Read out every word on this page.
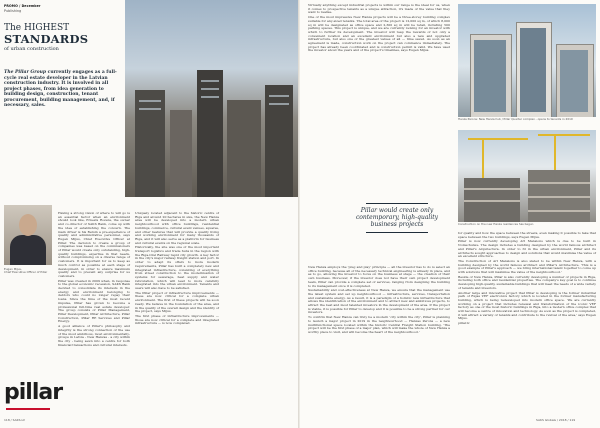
PROMO / December
Publishing
The HIGHEST
STANDARDS
of urban construction
The Pillar Group currently engages as a full-cycle real estate developer in the Latvian construction industry. It is involved in all project phases, from idea generation to building design, construction, tenant procurement, building management, and, if necessary, sales.
Eugen Mijus,
Chief Executive Officer of Pillar

Having a strong vision of where to will go is an essential factor when an environment should look like, Ernests Rozens, the owner and co-director of SAKS Bank, come up with the idea of establishing the concern. The main driver is his Bersin a pre-experience of quality and administrative personnel, says Eugen Mijus, Chief Executive Officer at Pillar. The decision to create a group of companies was based on the commissioners of Pillar would create only outstanding, high-quality buildings, expertise in that needs, without compromising on a diverse range of customers. It is important for us to keep as much control as possible at each stage of development, in order to ensure maximum quality and to prevent any surprise for us customers.

Pillar was created in 2009 when, in response to the global economic recession, SAKS Bank decided to consolidate its interests in the energy and environment belonging to debtors who could no longer repay their loans. Since the time of the most recent impulse, Pillar has grown to become a professional full-time real estate developer. The group consists of Pillar Management, Pillar Development, Pillar Architecture, Pillar Construction, Pillar RE Services and Pillar Energy.

A good alliance of Pillar's philosophy and integrity is the strong connection of the use of the most ambitious, most environmentally-groups in Latvia - New Hanzas - a city within the city - being sewn into a centre for both financial transactions and cultural interests.

Uniquely located adjacent to the historic centre of Riga and around 20 hectares in size, the New Hanza area will be developed into a modern urban neighbourhood with office buildings, residential buildings, commerce, cultural event venues, squares, and other features that will provide a quality living and working environment for many thousands of Riga, and it will also serve as a platform for business and cultural events on the regional scale.

Historically, the site was one of the most important transport logistics and trade hubs in the region with the Riga-Orel Railway rapid city growth. A key factor in the city's major railway freight station and port. In order to adapt its offers to more modern requirements, Pillar has built a completely new and integrated infrastructure, consisting of everything from street construction to the modernisation of systems for sewerage, heat supply and water reticulation, which will lead to more carefully integrated into the urban environment. Tenants and users will also have to be satisfied.

The Pillar project of infrastructure improvements — these are now critical for a complete urban environment. The first of these projects will be soon ready. We believe in the foundation of the area, and in the quality of the overall design and the identity of the project, says Mijus.

The first phase of infrastructure improvements — those are now critical for a complete and integrated infrastructure — is now completed.

pillar
118 / SAKS.LV

Virtually anything except industrial projects is within our range is the ideal for us, when it comes to prospective tenants as a unique attraction, it's made of the value that they want to realise.

One of the most impressive New Hanza projects will be a three-storey building complex suitable for any-sized tenants. The total area of the project is 12,000 sq m, of which 8,000 sq m will be designated as office space and 2,300 sq m will be retail, including 500 parking spaces. This project is unique, and we are currently looking for an investor with which to further its development. The investor will reap the rewards of not only a convenient location and an excellent environment but also a new and upgraded infrastructure, but also one of the greatest values of all — time saved. As soon as an agreement is made, construction work on the project can commence immediately. The project has already been coordinated and is construction permit is valid. We have used the investor about the years and of the project's timelines, says Eugen Mijus.

Pillar would create only contemporary, high-quality business projects

New Hanza employs the 'plug and play' principle — all the investor has to do is select an office building, because all of the necessary technical engineering is already in place, and as to go, allowing the investor to focus on the business at stage — the creation of their own business. Moreover, if the investor does not have their own project development team, Pillar can provide a complete set of services, ranging from designing the building to its management once it is completed.

Sustainability and cost-effectiveness at New Hanza, we ensure that the management use the latest system and set up neighbourhood — infrastructure, services, transportation and sustainable energy. As a result, it is a paradigm of a holistic new infrastructure that allows the identification of the environment and to attract new and ambitious projects, to attract the best and most talented investors in the development of the area. If the project is viable, it is possible for Pillar to develop and it is possible to be a strong partner for our investors.

To confirm that New Hanza can truly be a modern 'city within the city', Pillar is planning to launch a major project in 2019 in the neighbourhood — Hanzas Perons — a new multifunctional space located within the historic Central Freight Station building. 'The project will be the first phase of a major plan, which will make the whole of New Hanza a worthy place to visit, and will become the heart of the neighbourhood.'

Hanza Perons: New Hanza hub / Pillar Quarter complex - opens to tenants in 2019
Construction on the new Hanza residences has begun

for quality and how the space between the streets, even making it possible to take that space between the two buildings, says Eugen Mijus.

Pillar is now currently developing Art Mansions which is due to be built in Nomschulwe. The design includes a building designed by the world famous architect and Pillar's Arquitectura. In order to fit in the urban environment, Pillar and its architects sought approaches to design and solutions that would maximise the value of an excellent structure.

The Construction of Art Mansions is also slated to be within New Hanza, with a building designed by the world famous architect and Pillar's Architecture. 'This is a good example of Pillar's approach — we bring international talent together to come up with solutions that will maximise the value of the neighbourhood.'

Beside of New Hanza, Pillar is also currently developing a number of projects in Riga, including both office and residential properties. The company's key goal is to continue developing high-quality, sustainable buildings that will meet the needs of a wide variety of tenants and investors.

Another large and innovative project that Pillar is developing is the former industrial park of Rigas VEF electronics factory which is located in the former manufacturing building, which is being redeveloped into modern office space. 'We are currently working on a project that includes renewal and transformation of the iconic VEF factory as one of the most historic buildings in Riga, into a modern office complex that will become a centre of innovation and technology. As soon as the project is completed, it will attract a variety of tenants and contribute to the revival of the area,' says Eugen Mijus.

pillar.lv

SAKS Globals / 2018 / 119
